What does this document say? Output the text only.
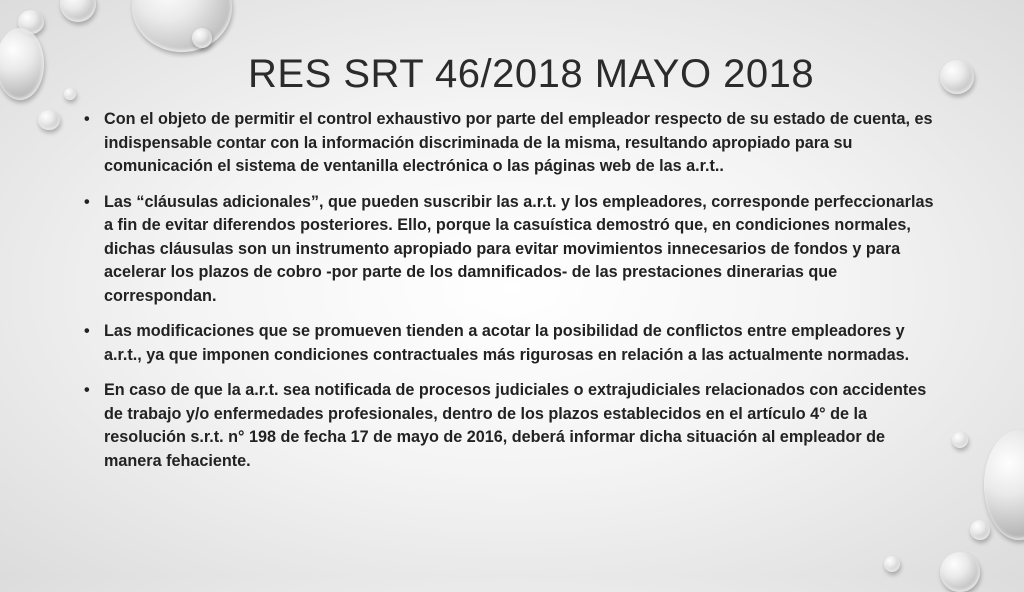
RES SRT 46/2018 MAYO 2018
• Con el objeto de permitir el control exhaustivo por parte del empleador respecto de su estado de cuenta, es indispensable contar con la información discriminada de la misma, resultando apropiado para su comunicación el sistema de ventanilla electrónica o las páginas web de las a.r.t..
• Las “cláusulas adicionales”, que pueden suscribir las a.r.t. y los empleadores, corresponde perfeccionarlas a fin de evitar diferendos posteriores. Ello, porque la casuística demostró que, en condiciones normales, dichas cláusulas son un instrumento apropiado para evitar movimientos innecesarios de fondos y para acelerar los plazos de cobro -por parte de los damnificados- de las prestaciones dinerarias que correspondan.
• Las modificaciones que se promueven tienden a acotar la posibilidad de conflictos entre empleadores y a.r.t., ya que imponen condiciones contractuales más rigurosas en relación a las actualmente normadas.
• En caso de que la a.r.t. sea notificada de procesos judiciales o extrajudiciales relacionados con accidentes de trabajo y/o enfermedades profesionales, dentro de los plazos establecidos en el artículo 4° de la resolución s.r.t. n° 198 de fecha 17 de mayo de 2016, deberá informar dicha situación al empleador de manera fehaciente.
